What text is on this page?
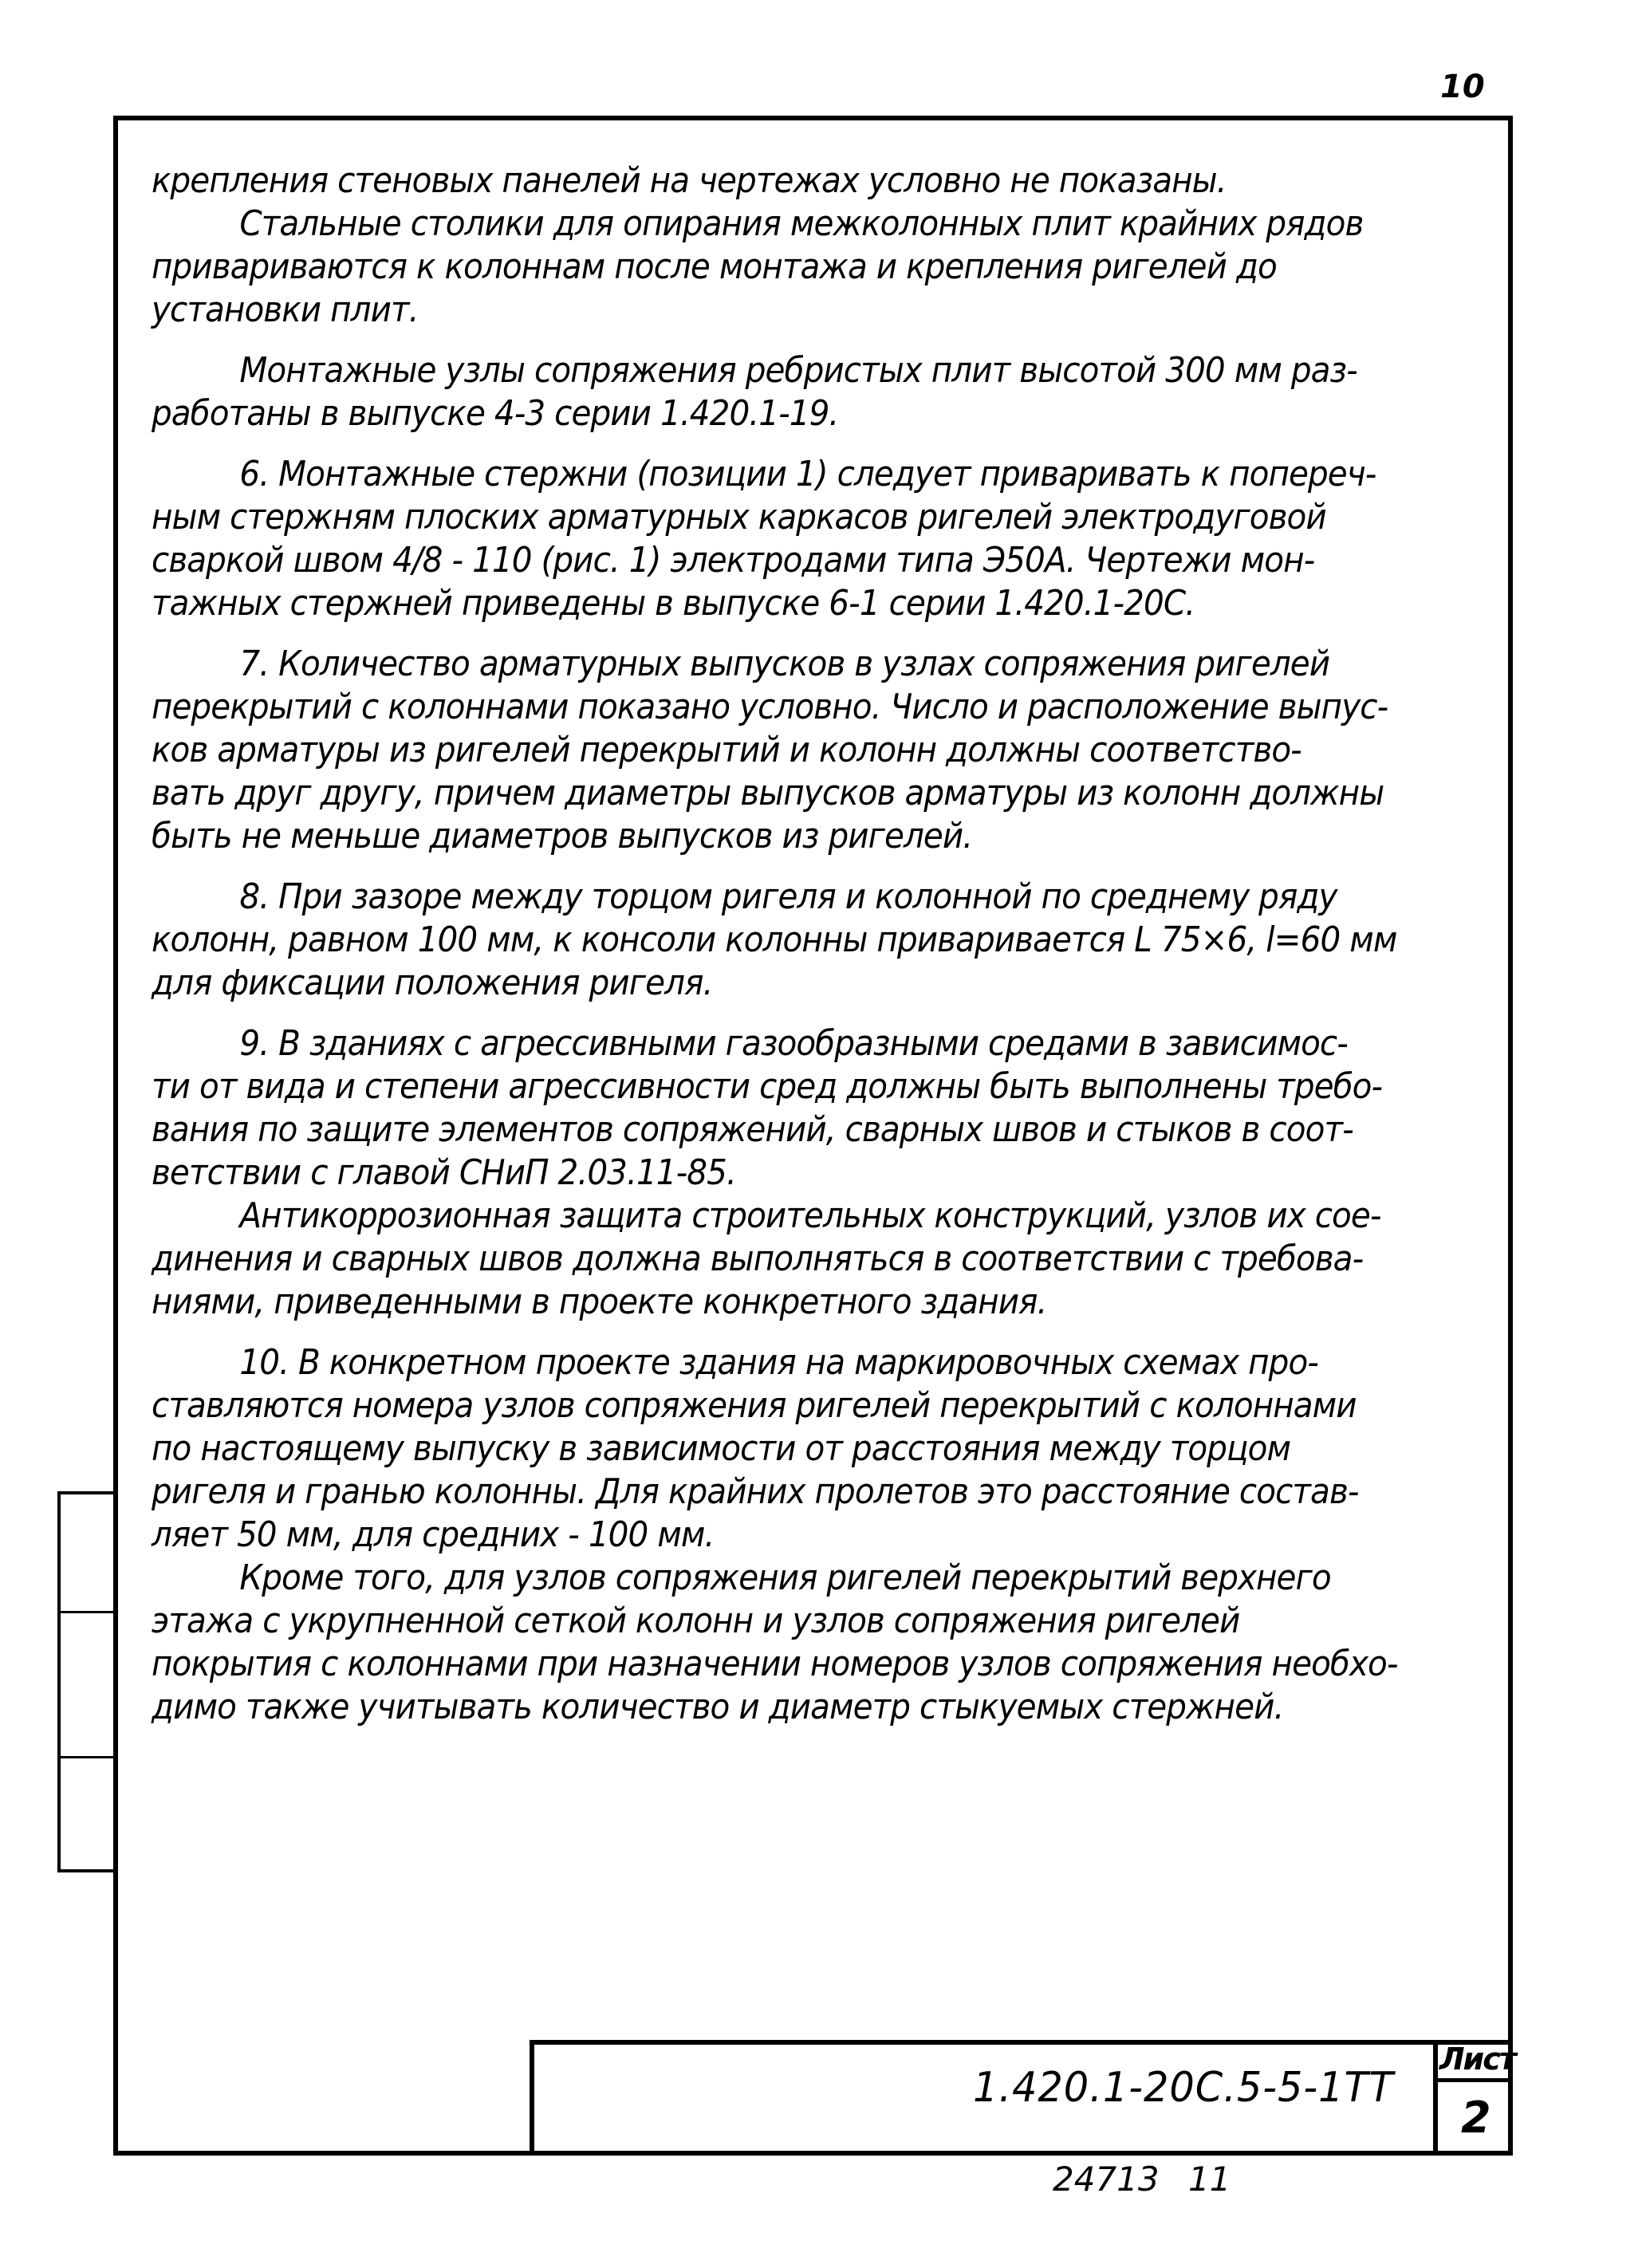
10
крепления стеновых панелей на чертежах условно не показаны.
Стальные столики для опирания межколонных плит крайних рядов
привариваются к колоннам после монтажа и крепления ригелей до
установки плит.
Монтажные узлы сопряжения ребристых плит высотой 300 мм раз-
работаны в выпуске 4-3 серии 1.420.1-19.
6. Монтажные стержни (позиции 1) следует приваривать к попереч-
ным стержням плоских арматурных каркасов ригелей электродуговой
сваркой швом 4/8 - 110 (рис. 1) электродами типа Э50А. Чертежи мон-
тажных стержней приведены в выпуске 6-1 серии 1.420.1-20С.
7. Количество арматурных выпусков в узлах сопряжения ригелей
перекрытий с колоннами показано условно. Число и расположение выпус-
ков арматуры из ригелей перекрытий и колонн должны соответство-
вать друг другу, причем диаметры выпусков арматуры из колонн должны
быть не меньше диаметров выпусков из ригелей.
8. При зазоре между торцом ригеля и колонной по среднему ряду
колонн, равном 100 мм, к консоли колонны приваривается L 75×6, l=60 мм
для фиксации положения ригеля.
9. В зданиях с агрессивными газообразными средами в зависимос-
ти от вида и степени агрессивности сред должны быть выполнены требо-
вания по защите элементов сопряжений, сварных швов и стыков в соот-
ветствии с главой СНиП 2.03.11-85.
Антикоррозионная защита строительных конструкций, узлов их сое-
динения и сварных швов должна выполняться в соответствии с требова-
ниями, приведенными в проекте конкретного здания.
10. В конкретном проекте здания на маркировочных схемах про-
ставляются номера узлов сопряжения ригелей перекрытий с колоннами
по настоящему выпуску в зависимости от расстояния между торцом
ригеля и гранью колонны. Для крайних пролетов это расстояние состав-
ляет 50 мм, для средних - 100 мм.
Кроме того, для узлов сопряжения ригелей перекрытий верхнего
этажа с укрупненной сеткой колонн и узлов сопряжения ригелей
покрытия с колоннами при назначении номеров узлов сопряжения необхо-
димо также учитывать количество и диаметр стыкуемых стержней.
1.420.1-20С.5-5-1ТТ
Лист
2
24713 11
